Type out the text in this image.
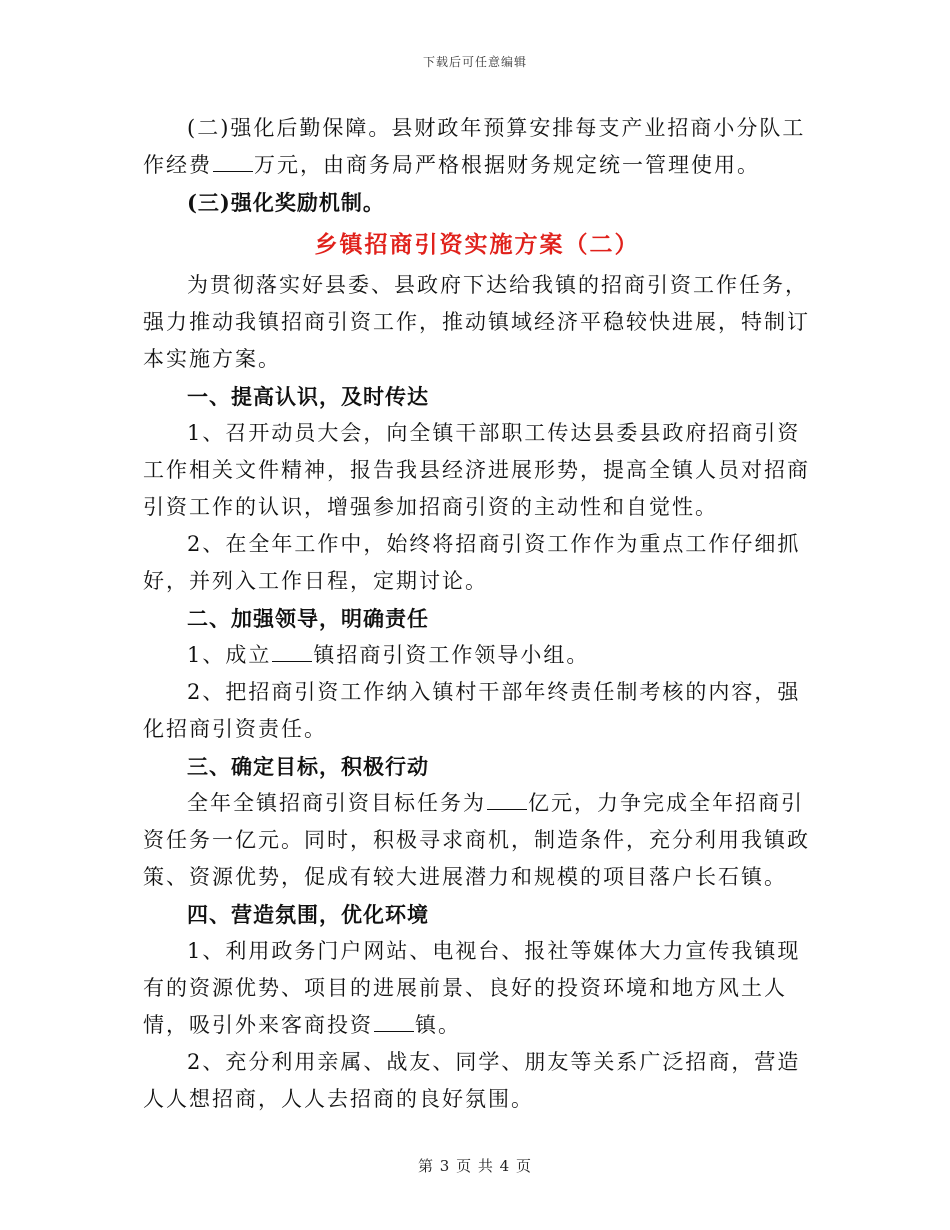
下载后可任意编辑

(二)强化后勤保障。县财政年预算安排每支产业招商小分队工作经费 万元，由商务局严格根据财务规定统一管理使用。

(三)强化奖励机制。

乡镇招商引资实施方案（二）

为贯彻落实好县委、县政府下达给我镇的招商引资工作任务，强力推动我镇招商引资工作，推动镇域经济平稳较快进展，特制订本实施方案。

一、提高认识，及时传达

1、召开动员大会，向全镇干部职工传达县委县政府招商引资工作相关文件精神，报告我县经济进展形势，提高全镇人员对招商引资工作的认识，增强参加招商引资的主动性和自觉性。

2、在全年工作中，始终将招商引资工作作为重点工作仔细抓好，并列入工作日程，定期讨论。

二、加强领导，明确责任

1、成立 镇招商引资工作领导小组。

2、把招商引资工作纳入镇村干部年终责任制考核的内容，强化招商引资责任。

三、确定目标，积极行动

全年全镇招商引资目标任务为 亿元，力争完成全年招商引资任务一亿元。同时，积极寻求商机，制造条件，充分利用我镇政策、资源优势，促成有较大进展潜力和规模的项目落户长石镇。

四、营造氛围，优化环境

1、利用政务门户网站、电视台、报社等媒体大力宣传我镇现有的资源优势、项目的进展前景、良好的投资环境和地方风土人情，吸引外来客商投资 镇。

2、充分利用亲属、战友、同学、朋友等关系广泛招商，营造人人想招商，人人去招商的良好氛围。

第 3 页 共 4 页
